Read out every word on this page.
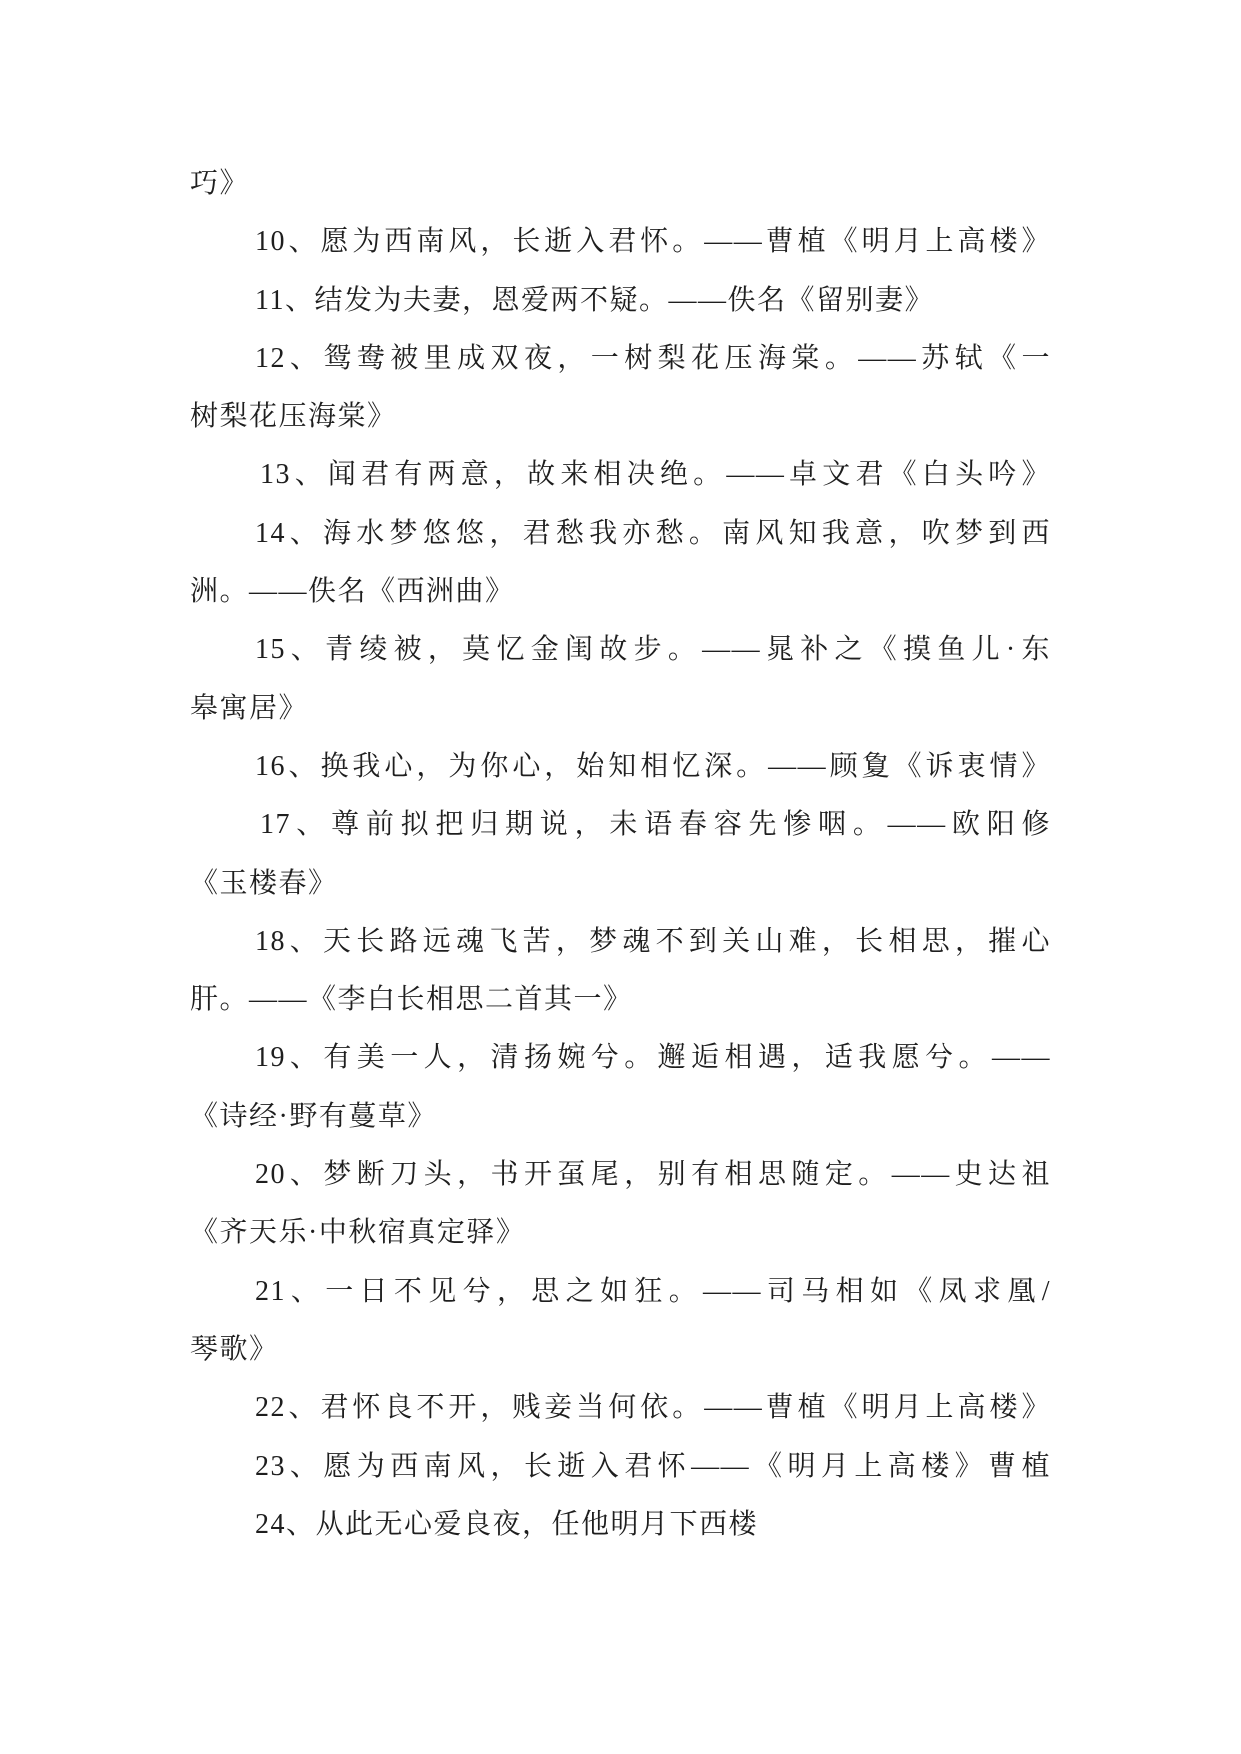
巧》

10、愿为西南风，长逝入君怀。——曹植《明月上高楼》

11、结发为夫妻，恩爱两不疑。——佚名《留别妻》

12、鸳鸯被里成双夜，一树梨花压海棠。——苏轼《一

树梨花压海棠》

13、闻君有两意，故来相决绝。——卓文君《白头吟》

14、海水梦悠悠，君愁我亦愁。南风知我意，吹梦到西

洲。——佚名《西洲曲》

15、青绫被，莫忆金闺故步。——晁补之《摸鱼儿·东

皋寓居》

16、换我心，为你心，始知相忆深。——顾夐《诉衷情》

17、尊前拟把归期说，未语春容先惨咽。——欧阳修

《玉楼春》

18、天长路远魂飞苦，梦魂不到关山难，长相思，摧心

肝。——《李白长相思二首其一》

19、有美一人，清扬婉兮。邂逅相遇，适我愿兮。——

《诗经·野有蔓草》

20、梦断刀头，书开虿尾，别有相思随定。——史达祖

《齐天乐·中秋宿真定驿》

21、一日不见兮，思之如狂。——司马相如《凤求凰/

琴歌》

22、君怀良不开，贱妾当何依。——曹植《明月上高楼》

23、愿为西南风，长逝入君怀——《明月上高楼》曹植

24、从此无心爱良夜，任他明月下西楼
